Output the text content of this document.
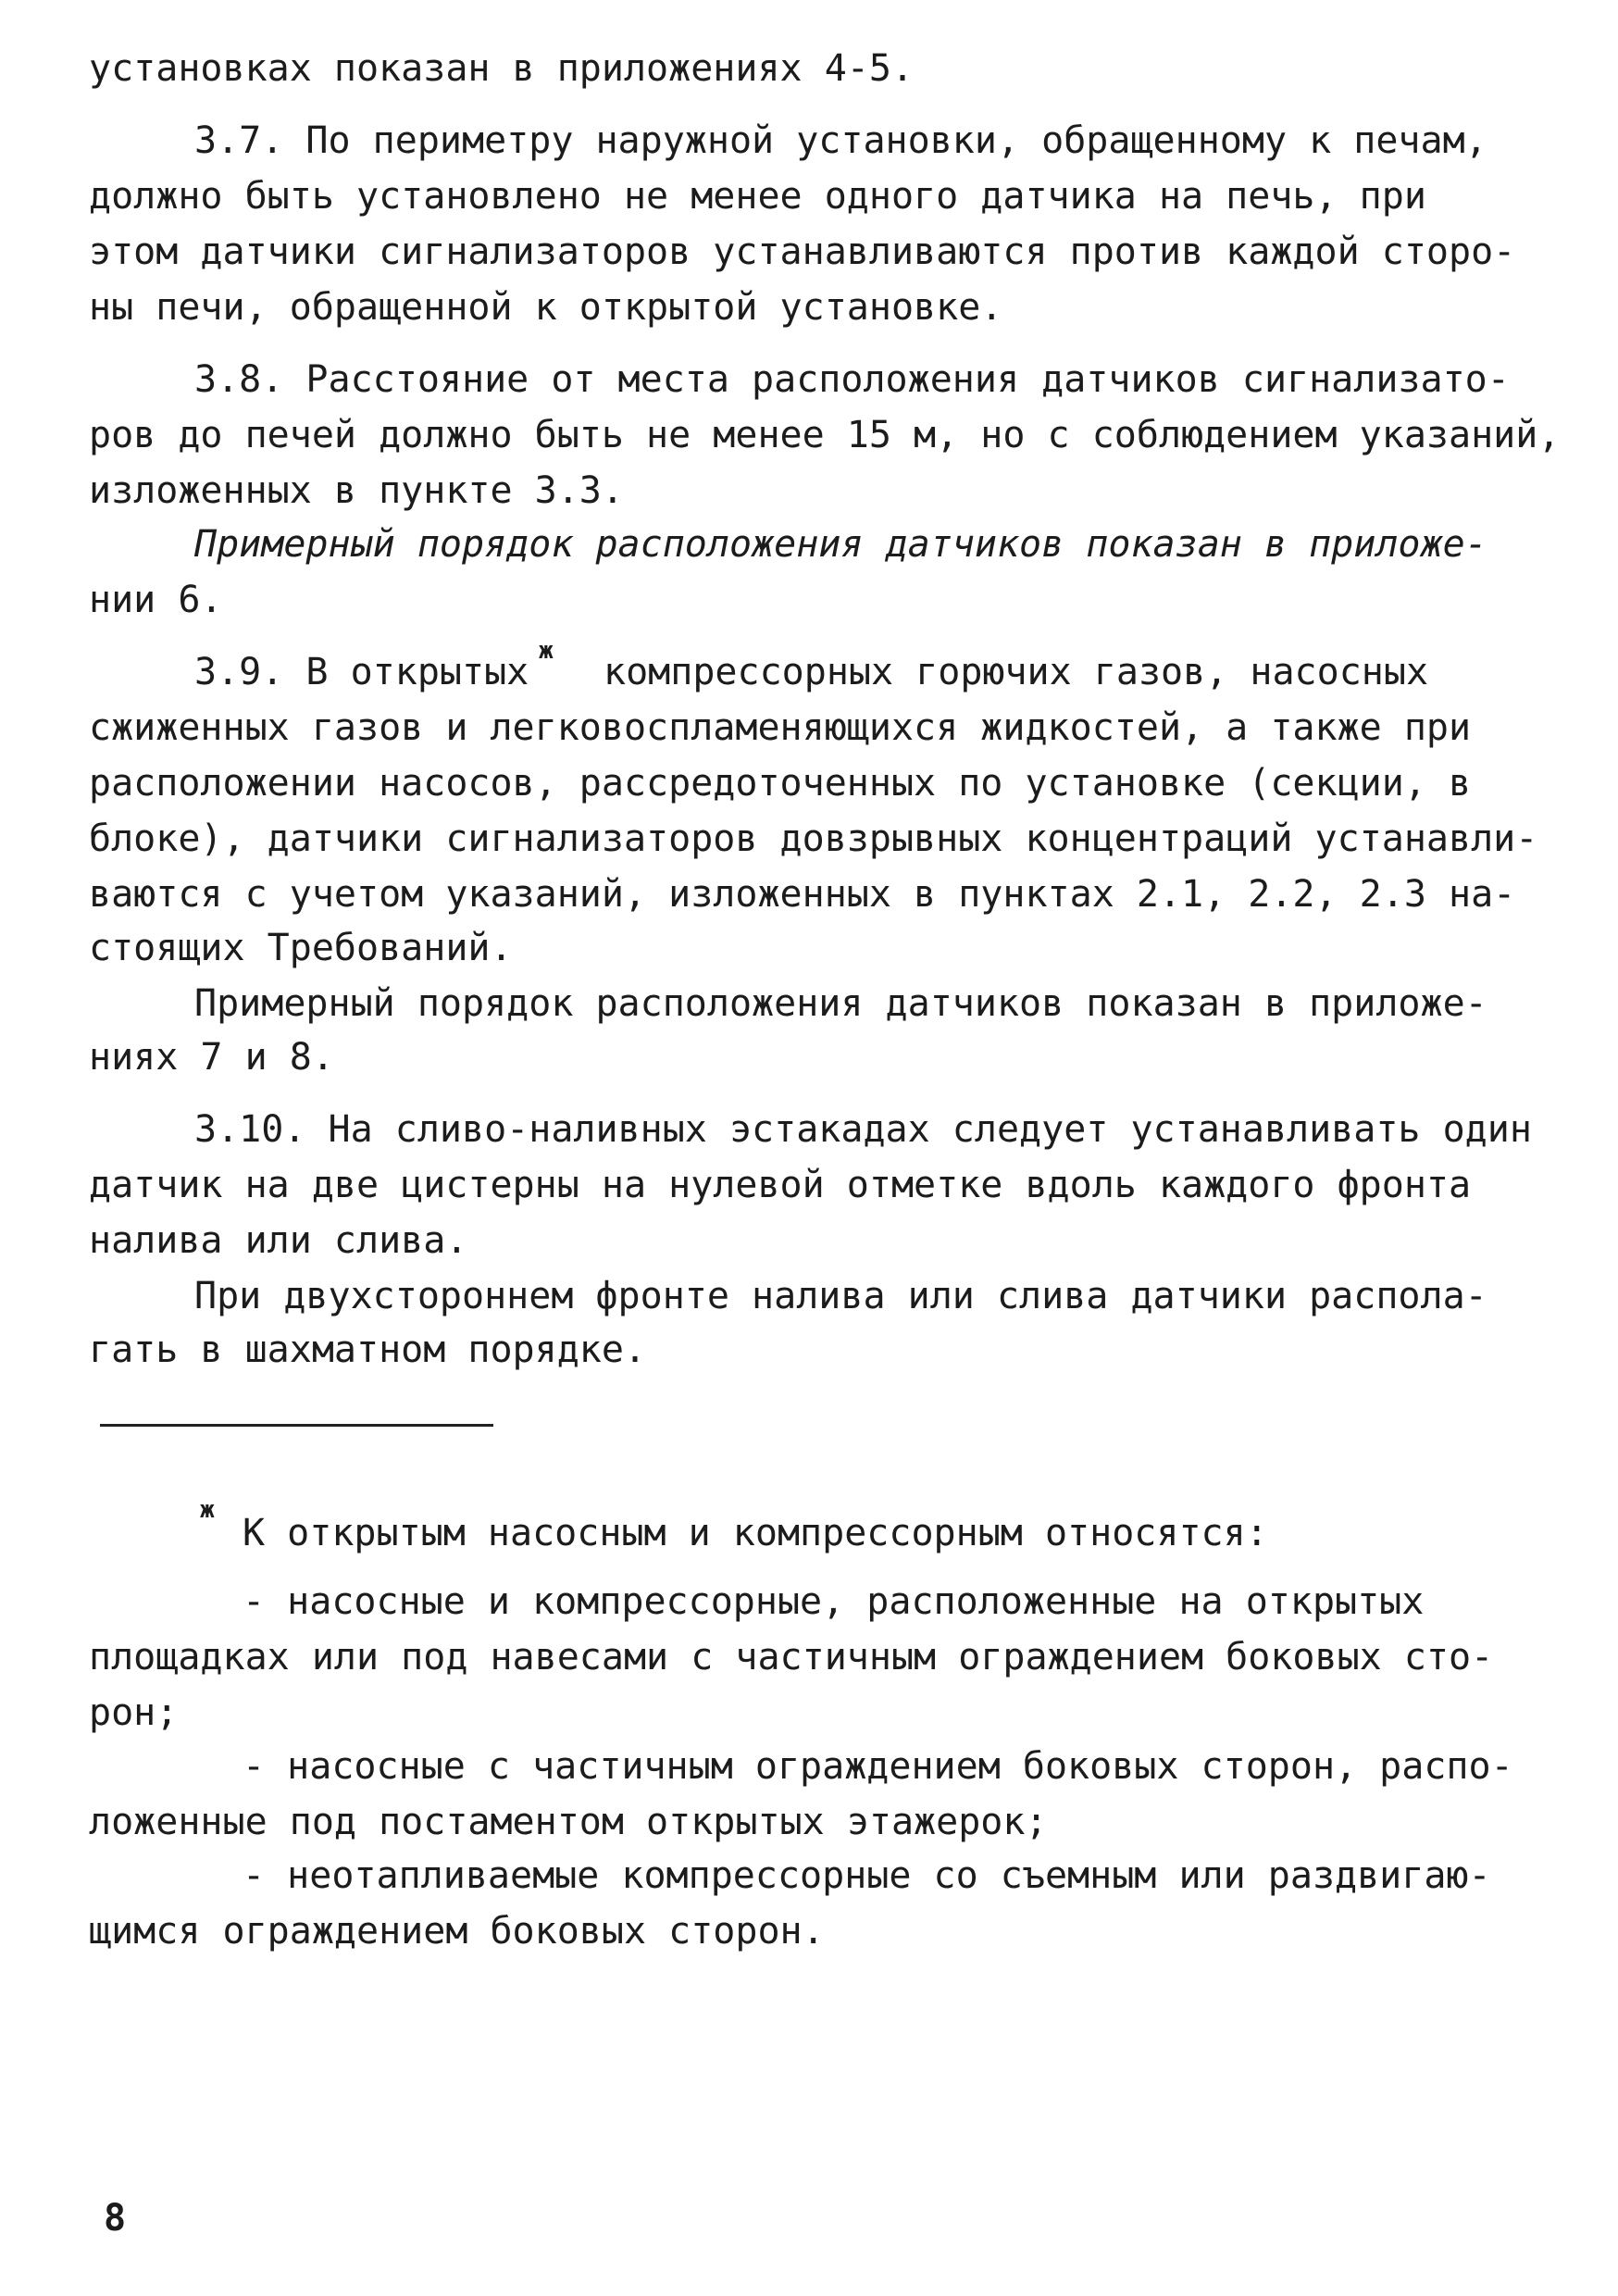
установках показан в приложениях 4-5.
3.7. По периметру наружной установки, обращенному к печам,
должно быть установлено не менее одного датчика на печь, при
этом датчики сигнализаторов устанавливаются против каждой сторо-
ны печи, обращенной к открытой установке.
3.8. Расстояние от места расположения датчиков сигнализато-
ров до печей должно быть не менее 15 м, но с соблюдением указаний,
изложенных в пункте 3.3.
Примерный порядок расположения датчиков показан в приложе-
нии 6.
3.9. В открытых ж компрессорных горючих газов, насосных
сжиженных газов и легковоспламеняющихся жидкостей, а также при
расположении насосов, рассредоточенных по установке (секции, в
блоке), датчики сигнализаторов довзрывных концентраций устанавли-
ваются с учетом указаний, изложенных в пунктах 2.1, 2.2, 2.3 на-
стоящих Требований.
Примерный порядок расположения датчиков показан в приложе-
ниях 7 и 8.
3.10. На сливо-наливных эстакадах следует устанавливать один
датчик на две цистерны на нулевой отметке вдоль каждого фронта
налива или слива.
При двухстороннем фронте налива или слива датчики распола-
гать в шахматном порядке.
ж
К открытым насосным и компрессорным относятся:
- насосные и компрессорные, расположенные на открытых
площадках или под навесами с частичным ограждением боковых сто-
рон;
- насосные с частичным ограждением боковых сторон, распо-
ложенные под постаментом открытых этажерок;
- неотапливаемые компрессорные со съемным или раздвигаю-
щимся ограждением боковых сторон.
8
